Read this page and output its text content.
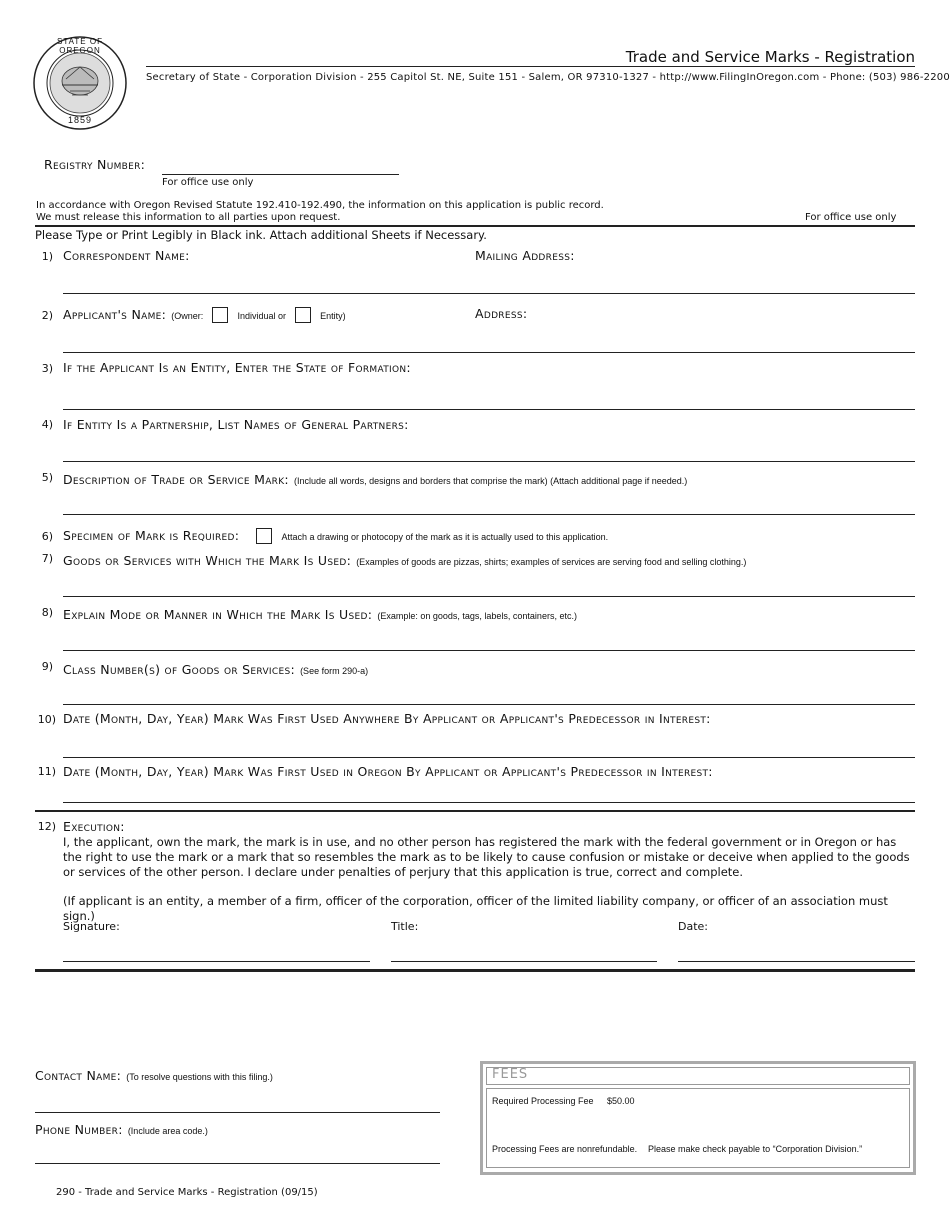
STATE OF OREGON
1859
Trade and Service Marks - Registration
Secretary of State - Corporation Division - 255 Capitol St. NE, Suite 151 - Salem, OR 97310-1327 - http://www.FilingInOregon.com - Phone: (503) 986-2200
Registry Number:
For office use only
In accordance with Oregon Revised Statute 192.410-192.490, the information on this application is public record.
We must release this information to all parties upon request.	For office use only
Please Type or Print Legibly in Black ink. Attach additional Sheets if Necessary.
1) Correspondent Name:	Mailing Address:
2) Applicant's Name: (Owner:	Individual or	Entity)	Address:
3) If the Applicant Is an Entity, Enter the State of Formation:
4) If Entity Is a Partnership, List Names of General Partners:
5) Description of Trade or Service Mark: (Include all words, designs and borders that comprise the mark) (Attach additional page if needed.)
6) Specimen of Mark is Required:	Attach a drawing or photocopy of the mark as it is actually used to this application.
7) Goods or Services with Which the Mark Is Used: (Examples of goods are pizzas, shirts; examples of services are serving food and selling clothing.)
8) Explain Mode or Manner in Which the Mark Is Used: (Example: on goods, tags, labels, containers, etc.)
9) Class Number(s) of Goods or Services: (See form 290-a)
10) Date (Month, Day, Year) Mark Was First Used Anywhere By Applicant or Applicant's Predecessor in Interest:
11) Date (Month, Day, Year) Mark Was First Used in Oregon By Applicant or Applicant's Predecessor in Interest:
12) Execution:
I, the applicant, own the mark, the mark is in use, and no other person has registered the mark with the federal government or in Oregon or has the right to use the mark or a mark that so resembles the mark as to be likely to cause confusion or mistake or deceive when applied to the goods or services of the other person. I declare under penalties of perjury that this application is true, correct and complete.
(If applicant is an entity, a member of a firm, officer of the corporation, officer of the limited liability company, or officer of an association must sign.)
Signature:	Title:	Date:
Contact Name: (To resolve questions with this filing.)
Phone Number: (Include area code.)
FEES
Required Processing Fee $50.00
Processing Fees are nonrefundable. Please make check payable to “Corporation Division.”
290 - Trade and Service Marks - Registration (09/15)
